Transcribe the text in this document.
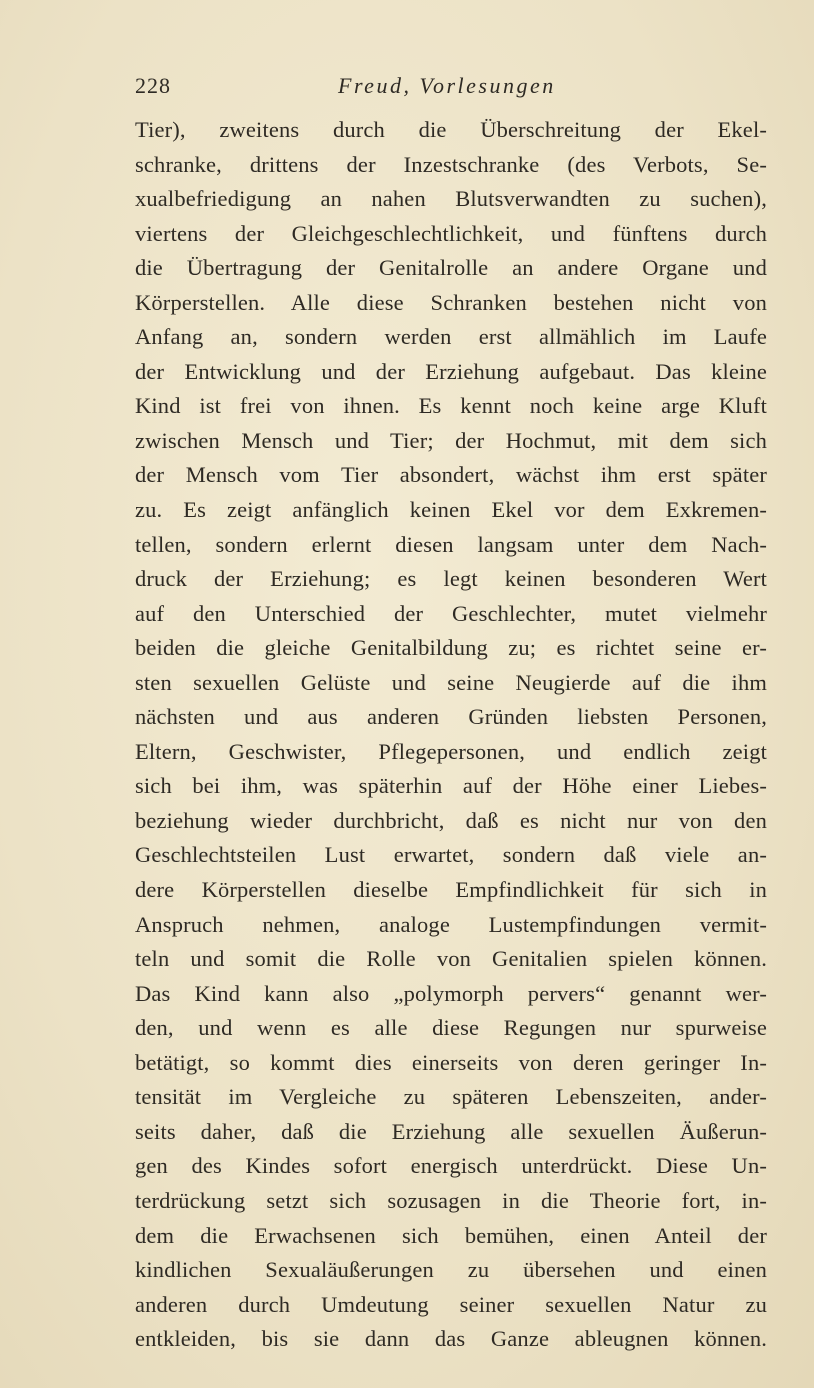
228	Freud, Vorlesungen
Tier), zweitens durch die Überschreitung der Ekel-
schranke, drittens der Inzestschranke (des Verbots, Se-
xualbefriedigung an nahen Blutsverwandten zu suchen),
viertens der Gleichgeschlechtlichkeit, und fünftens durch
die Übertragung der Genitalrolle an andere Organe und
Körperstellen. Alle diese Schranken bestehen nicht von
Anfang an, sondern werden erst allmählich im Laufe
der Entwicklung und der Erziehung aufgebaut. Das kleine
Kind ist frei von ihnen. Es kennt noch keine arge Kluft
zwischen Mensch und Tier; der Hochmut, mit dem sich
der Mensch vom Tier absondert, wächst ihm erst später
zu. Es zeigt anfänglich keinen Ekel vor dem Exkremen-
tellen, sondern erlernt diesen langsam unter dem Nach-
druck der Erziehung; es legt keinen besonderen Wert
auf den Unterschied der Geschlechter, mutet vielmehr
beiden die gleiche Genitalbildung zu; es richtet seine er-
sten sexuellen Gelüste und seine Neugierde auf die ihm
nächsten und aus anderen Gründen liebsten Personen,
Eltern, Geschwister, Pflegepersonen, und endlich zeigt
sich bei ihm, was späterhin auf der Höhe einer Liebes-
beziehung wieder durchbricht, daß es nicht nur von den
Geschlechtsteilen Lust erwartet, sondern daß viele an-
dere Körperstellen dieselbe Empfindlichkeit für sich in
Anspruch nehmen, analoge Lustempfindungen vermit-
teln und somit die Rolle von Genitalien spielen können.
Das Kind kann also „polymorph pervers“ genannt wer-
den, und wenn es alle diese Regungen nur spurweise
betätigt, so kommt dies einerseits von deren geringer In-
tensität im Vergleiche zu späteren Lebenszeiten, ander-
seits daher, daß die Erziehung alle sexuellen Äußerun-
gen des Kindes sofort energisch unterdrückt. Diese Un-
terdrückung setzt sich sozusagen in die Theorie fort, in-
dem die Erwachsenen sich bemühen, einen Anteil der
kindlichen Sexualäußerungen zu übersehen und einen
anderen durch Umdeutung seiner sexuellen Natur zu
entkleiden, bis sie dann das Ganze ableugnen können.
